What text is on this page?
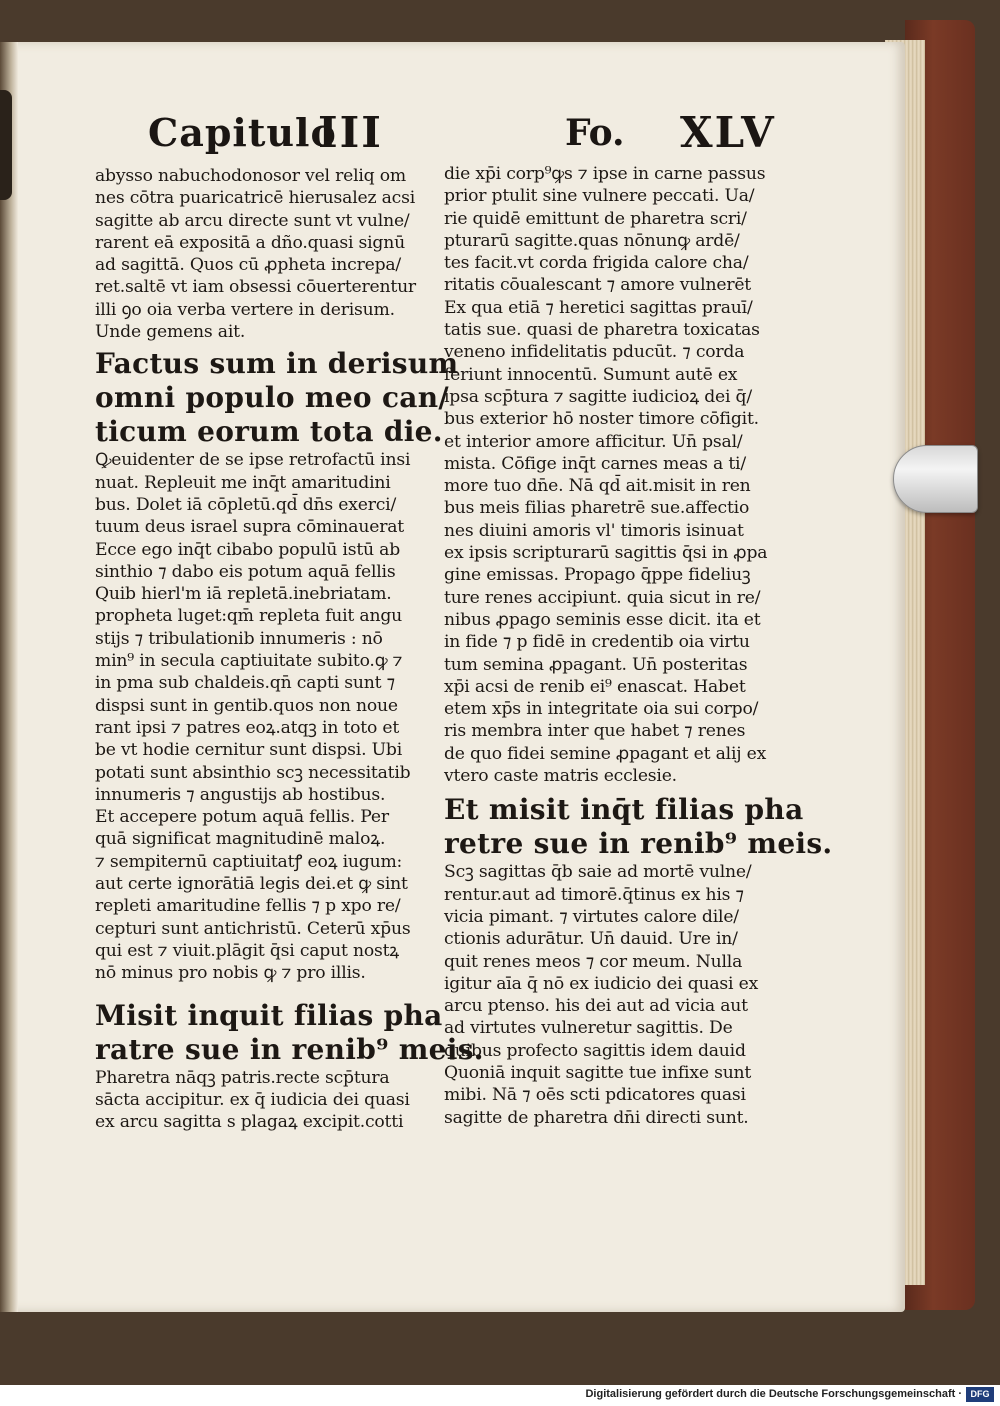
Capitulo
III	Fo. XLV
abysso nabuchodonosor vel reliq om
nes cōtra puaricatricē hierusalez acsi
sagitte ab arcu directe sunt vt vulne/
rarent eā expositā a dño.quasi signū
ad sagittā. Quos cū ꝓpheta increpa/
ret.saltē vt iam obsessi cōuerterentur
illi ꝯo oia verba vertere in derisum.
Unde gemens ait.
Factus sum in derisum
omni populo meo can/
ticum eorum tota die.
Ꝙeuidenter de se ipse retrofactū insi
nuat. Repleuit me inq̄t amaritudini
bus. Dolet iā cōpletū.qd̄ dn̄s exerci/
tuum deus israel supra cōminauerat
Ecce ego inq̄t cibabo populū istū ab
sinthio ⁊ dabo eis potum aquā fellis
Quib hierl'm iā repletā.inebriatam.
propheta luget:qm̄ repleta fuit angu
stijs ⁊ tribulationib innumeris : nō
min⁹ in secula captiuitate subito.ꝙ ⁊
in pma sub chaldeis.qn̄ capti sunt ⁊
dispsi sunt in gentib.quos non noue
rant ipsi ⁊ patres eoꝝ.atqꝫ in toto et
be vt hodie cernitur sunt dispsi. Ubi
potati sunt absinthio scꝫ necessitatib
innumeris ⁊ angustijs ab hostibus.
Et accepere potum aquā fellis. Per
quā significat magnitudinē maloꝝ.
⁊ sempiternū captiuitatꝭ eoꝝ iugum:
aut certe ignorātiā legis dei.et ꝙ sint
repleti amaritudine fellis ⁊ p xpo re/
cepturi sunt antichristū. Ceterū xp̄us
qui est ⁊ viuit.plāgit q̄si caput nostꝝ
nō minus pro nobis ꝙ ⁊ pro illis.
Misit inquit filias pha
ratre sue in renib⁹ meis.
Pharetra nāqꝫ patris.recte scp̄tura
sācta accipitur. ex q̄ iudicia dei quasi
ex arcu sagitta s plagaꝝ excipit.cotti
die xp̄i corp⁹ꝙs ⁊ ipse in carne passus
prior ptulit sine vulnere peccati. Ua/
rie quidē emittunt de pharetra scri/
pturarū sagitte.quas nōnunꝙ ardē/
tes facit.vt corda frigida calore cha/
ritatis cōualescant ⁊ amore vulnerēt
Ex qua etiā ⁊ heretici sagittas prauī/
tatis sue. quasi de pharetra toxicatas
veneno infidelitatis pducūt. ⁊ corda
feriunt innocentū. Sumunt autē ex
ipsa scp̄tura ⁊ sagitte iudicioꝝ dei q̄/
bus exterior hō noster timore cōfigit.
et interior amore afficitur. Un̄ psal/
mista. Cōfige inq̄t carnes meas a ti/
more tuo dn̄e. Nā qd̄ ait.misit in ren
bus meis filias pharetrē sue.affectio
nes diuini amoris vl' timoris isinuat
ex ipsis scripturarū sagittis q̄si in ꝓpa
gine emissas. Propago q̄ppe fideliuꝫ
ture renes accipiunt. quia sicut in re/
nibus ꝓpago seminis esse dicit. ita et
in fide ⁊ p fidē in credentib oia virtu
tum semina ꝓpagant. Un̄ posteritas
xp̄i acsi de renib ei⁹ enascat. Habet
etem xp̄s in integritate oia sui corpo/
ris membra inter que habet ⁊ renes
de quo fidei semine ꝓpagant et alij ex
vtero caste matris ecclesie.
Et misit inq̄t filias pha
retre sue in renib⁹ meis.
Scꝫ sagittas q̄b saie ad mortē vulne/
rentur.aut ad timorē.q̄tinus ex his ⁊
vicia pimant. ⁊ virtutes calore dile/
ctionis adurātur. Un̄ dauid. Ure in/
quit renes meos ⁊ cor meum. Nulla
igitur aīa q̄ nō ex iudicio dei quasi ex
arcu ptenso. his dei aut ad vicia aut
ad virtutes vulneretur sagittis. De
quibus profecto sagittis idem dauid
Quoniā inquit sagitte tue infixe sunt
mibi. Nā ⁊ oēs scti pdicatores quasi
sagitte de pharetra dn̄i directi sunt.
Digitalisierung gefördert durch die Deutsche Forschungsgemeinschaft · DFG
